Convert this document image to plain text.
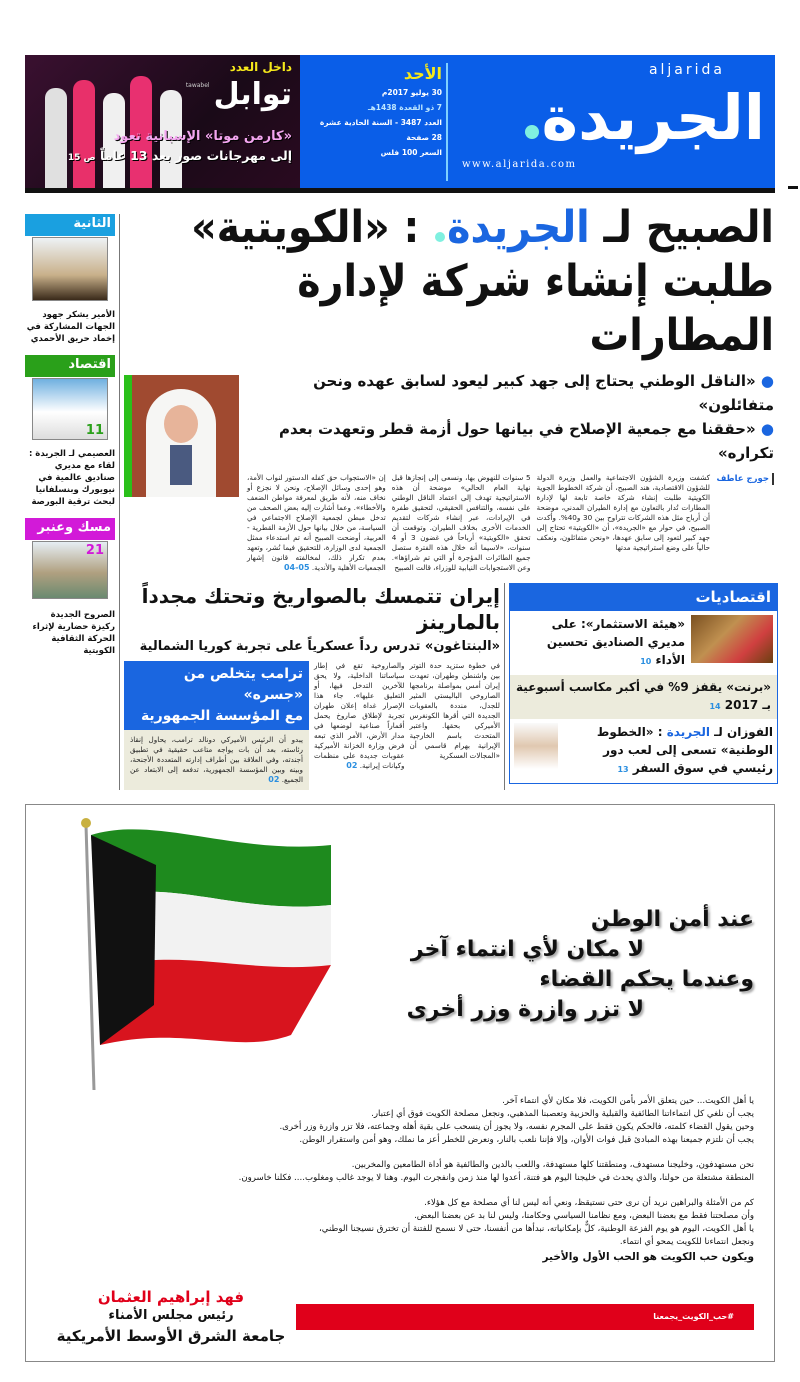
داخل العدد
توابل
tawabel
«كارمن موتا» الإسبانية تعود
إلى مهرجانات صور بعد 13 عاماً ص 15
الأحد
30 يوليو 2017م
7 ذو القعدة 1438هـ
العدد 3487 - السنة الحادية عشرة
28 صفحة
السعر 100 فلس
aljarida
الجريدة
www.aljarida.com
الثانية
الأمير يشكر جهود الجهات المشاركة في إخماد حريق الأحمدي
اقتصاد
11
العصيمي لـ الجريدة : لقاء مع مديري صناديق عالمية في نيويورك وبنسلفانيا لبحث ترقية البورصة
مسك وعنبر
21
الصروح الجديدة ركيزة حضارية لإثراء الحركة الثقافية الكويتية
الصبيح لـ الجريدة : «الكويتية»
طلبت إنشاء شركة لإدارة المطارات
● «الناقل الوطني يحتاج إلى جهد كبير ليعود لسابق عهده ونحن متفائلون»
● «حققنا مع جمعية الإصلاح في بيانها حول أزمة قطر وتعهدت بعدم تكراره»
جورج عاطف
كشفت وزيرة الشؤون الاجتماعية والعمل وزيرة الدولة للشؤون الاقتصادية، هند الصبيح، أن شركة الخطوط الجوية الكويتية طلبت إنشاء شركة خاصة تابعة لها لإدارة المطارات تُدار بالتعاون مع إدارة الطيران المدني، موضحة أن أرباح مثل هذه الشركات تتراوح بين 30 و40%. وأكدت الصبيح، في حوار مع «الجريدة»، أن «الكويتية» تحتاج إلى جهد كبير لتعود إلى سابق عهدها، «ونحن متفائلون، ونعكف حالياً على وضع استراتيجية مدتها
5 سنوات للنهوض بها، ونسعى إلى إنجازها قبل نهاية العام الحالي» موضحة أن هذه الاستراتيجية تهدف إلى اعتماد الناقل الوطني على نفسه، والتنافس الحقيقي، لتحقيق طفرة في الإيرادات، عبر إنشاء شركات لتقديم الخدمات الأخرى بخلاف الطيران. وتوقعت أن تحقق «الكويتية» أرباحاً في غضون 3 أو 4 سنوات، «لاسيما أنه خلال هذه الفترة ستصل جميع الطائرات المؤجرة أو التي تم شراؤها». وعن الاستجوابات النيابية للوزراء، قالت الصبيح
إن «الاستجواب حق كفله الدستور لنواب الأمة، وهو إحدى وسائل الإصلاح، ونحن لا نجزع أو نخاف منه، لأنه طريق لمعرفة مواطن الضعف والأخطاء». وعما أشارت إليه بعض الصحف من تدخل مبطن لجمعية الإصلاح الاجتماعي في السياسة، من خلال بيانها حول الأزمة القطرية - العربية، أوضحت الصبيح أنه تم استدعاء ممثل الجمعية لدى الوزارة، للتحقيق فيما نُشر، وتعهد بعدم تكرار ذلك، لمخالفته قانون إشهار الجمعيات الأهلية والأندية. 05-04
إيران تتمسك بالصواريخ وتحتك مجدداً بالمارينز
«البنتاغون» تدرس رداً عسكرياً على تجربة كوريا الشمالية
ترامب يتخلص من «جسره»
مع المؤسسة الجمهورية
يبدو أن الرئيس الأميركي دونالد ترامب، يحاول إنقاذ رئاسته، بعد أن بات يواجه متاعب حقيقية في تطبيق أجندته، وفي العلاقة بين أطراف إدارته المتعددة الأجنحة، وبينه وبين المؤسسة الجمهورية، تدفعه إلى الابتعاد عن الجميع. 02
والصاروخية تقع في إطار سياساتنا الداخلية، ولا يحق للآخرين التدخل فيها، أو التعليق عليها». جاء هذا الإصرار غداة إعلان طهران تجربة لإطلاق صاروخ يحمل أقماراً صناعية لوضعها في مدار الأرض، الأمر الذي تبعه فرض وزارة الخزانة الأميركية عقوبات جديدة على منظمات وكيانات إيرانية. 02
في خطوة ستزيد حدة التوتر بين واشنطن وطهران، تعهدت إيران أمس بمواصلة برنامجها الصاروخي الباليستي المثير للجدل، منددة بالعقوبات الجديدة التي أقرها الكونغرس الأميركي بحقها. واعتبر المتحدث باسم الخارجية الإيرانية بهرام قاسمي أن «المجالات العسكرية
اقتصاديات
«هيئة الاستثمار»: على مديري الصناديق تحسين الأداء 10
«برنت» يقفز 9% في أكبر مكاسب أسبوعية بـ 2017 14
الفوزان لـ الجريدة : «الخطوط الوطنية» تسعى إلى لعب دور رئيسي في سوق السفر 13
عند أمن الوطن
لا مكان لأي انتماء آخر
وعندما يحكم القضاء
لا تزر وازرة وزر أخرى
يا أهل الكويت... حين يتعلق الأمر بأمن الكويت، فلا مكان لأي انتماء آخر.
يجب أن نلغي كل انتماءاتنا الطائفية والقبلية والحزبية وتعصبنا المذهبي، ونجعل مصلحة الكويت فوق أي إعتبار.
وحين يقول القضاء كلمته، فالحكم يكون فقط على المجرم نفسه، ولا يجوز أن ينسحب على بقية أهله وجماعته، فلا تزر وازرة وزر أخرى.
يجب أن نلتزم جميعنا بهذه المبادئ قبل فوات الأوان، وإلا فإننا نلعب بالنار، ونعرض للخطر أعز ما نملك، وهو أمن واستقرار الوطن.
نحن مستهدفون، وخليجنا مستهدف، ومنطقتنا كلها مستهدفة، واللعب بالدين والطائفية هو أداة الطامعين والمخربين.
المنطقة مشتعلة من حولنا، والذي يحدث في خليجنا اليوم هو فتنة، أعدوا لها منذ زمن وانفجرت اليوم. وهنا لا يوجد غالب ومغلوب.... فكلنا خاسرون.
كم من الأمثلة والبراهين نريد أن نرى حتى نستيقظ، ونعي أنه ليس لنا أي مصلحة مع كل هؤلاء.
وأن مصلحتنا فقط مع بعضنا البعض، ومع نظامنا السياسي وحكامنا، وليس لنا بد عن بعضنا البعض.
يا أهل الكويت، اليوم هو يوم الفزعة الوطنية، كلٌّ بإمكانياته، نبدأها من أنفسنا، حتى لا نسمح للفتنة أن تخترق نسيجنا الوطني،
ونجعل انتماءنا للكويت يمحو أي انتماء.
ويكون حب الكويت هو الحب الأول والأخير
فهد إبراهيم العثمان
رئيس مجلس الأمناء
جامعة الشرق الأوسط الأمريكية
#حب_الكويت_يجمعنا
